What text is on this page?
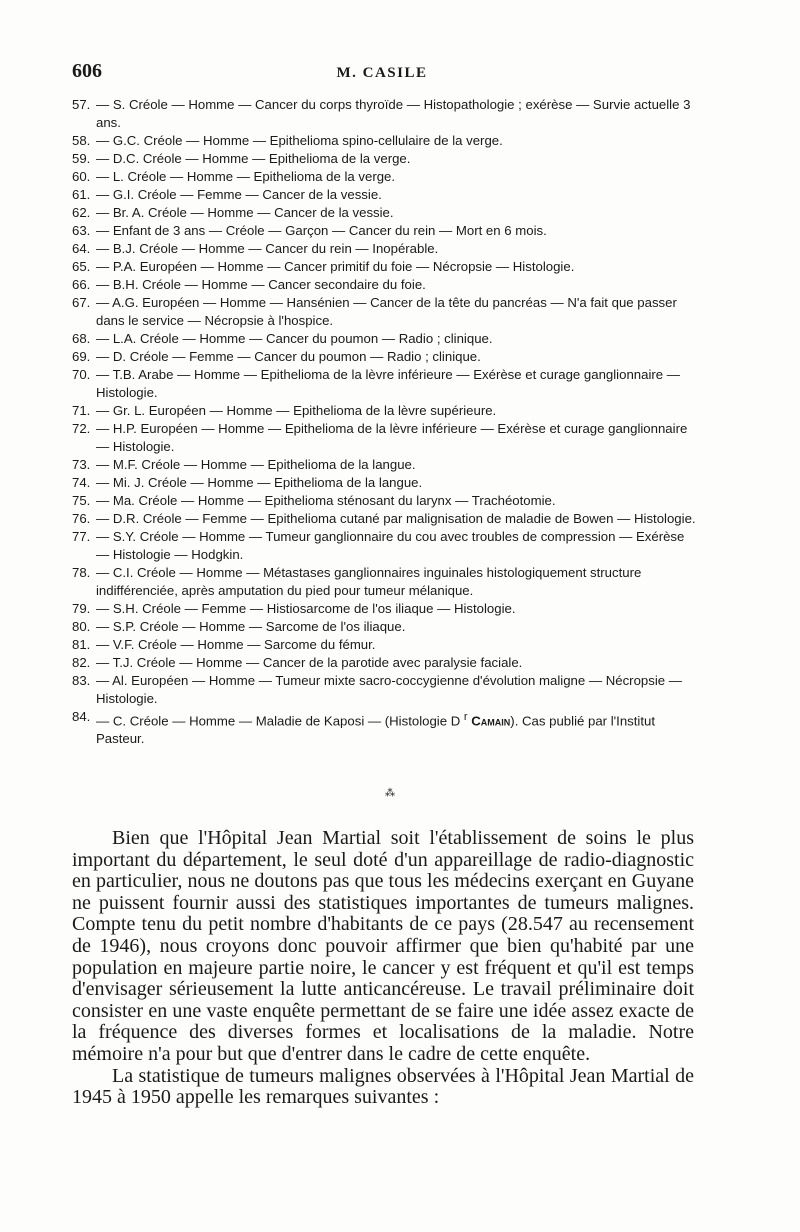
606	M. CASILE

57. — S. Créole — Homme — Cancer du corps thyroïde — Histopathologie ; exérèse — Survie actuelle 3 ans.

58. — G.C. Créole — Homme — Epithelioma spino-cellulaire de la verge.

59. — D.C. Créole — Homme — Epithelioma de la verge.

60. — L. Créole — Homme — Epithelioma de la verge.

61. — G.I. Créole — Femme — Cancer de la vessie.

62. — Br. A. Créole — Homme — Cancer de la vessie.

63. — Enfant de 3 ans — Créole — Garçon — Cancer du rein — Mort en 6 mois.

64. — B.J. Créole — Homme — Cancer du rein — Inopérable.

65. — P.A. Européen — Homme — Cancer primitif du foie — Nécropsie — Histologie.

66. — B.H. Créole — Homme — Cancer secondaire du foie.

67. — A.G. Européen — Homme — Hansénien — Cancer de la tête du pancréas — N'a fait que passer dans le service — Nécropsie à l'hospice.

68. — L.A. Créole — Homme — Cancer du poumon — Radio ; clinique.

69. — D. Créole — Femme — Cancer du poumon — Radio ; clinique.

70. — T.B. Arabe — Homme — Epithelioma de la lèvre inférieure — Exérèse et curage ganglionnaire — Histologie.

71. — Gr. L. Européen — Homme — Epithelioma de la lèvre supérieure.

72. — H.P. Européen — Homme — Epithelioma de la lèvre inférieure — Exérèse et curage ganglionnaire — Histologie.

73. — M.F. Créole — Homme — Epithelioma de la langue.

74. — Mi. J. Créole — Homme — Epithelioma de la langue.

75. — Ma. Créole — Homme — Epithelioma sténosant du larynx — Trachéotomie.

76. — D.R. Créole — Femme — Epithelioma cutané par malignisation de maladie de Bowen — Histologie.

77. — S.Y. Créole — Homme — Tumeur ganglionnaire du cou avec troubles de compression — Exérèse — Histologie — Hodgkin.

78. — C.I. Créole — Homme — Métastases ganglionnaires inguinales histologiquement structure indifférenciée, après amputation du pied pour tumeur mélanique.

79. — S.H. Créole — Femme — Histiosarcome de l'os iliaque — Histologie.

80. — S.P. Créole — Homme — Sarcome de l'os iliaque.

81. — V.F. Créole — Homme — Sarcome du fémur.

82. — T.J. Créole — Homme — Cancer de la parotide avec paralysie faciale.

83. — Al. Européen — Homme — Tumeur mixte sacro-coccygienne d'évolution maligne — Nécropsie — Histologie.

84. — C. Créole — Homme — Maladie de Kaposi — (Histologie D $^r$ Camain). Cas publié par l'Institut Pasteur.

⁂

Bien que l'Hôpital Jean Martial soit l'établissement de soins le plus important du département, le seul doté d'un appareillage de radio-diagnostic en particulier, nous ne doutons pas que tous les médecins exerçant en Guyane ne puissent fournir aussi des statistiques importantes de tumeurs malignes. Compte tenu du petit nombre d'habitants de ce pays (28.547 au recensement de 1946), nous croyons donc pouvoir affirmer que bien qu'habité par une population en majeure partie noire, le cancer y est fréquent et qu'il est temps d'envisager sérieusement la lutte anticancéreuse. Le travail préliminaire doit consister en une vaste enquête permettant de se faire une idée assez exacte de la fréquence des diverses formes et localisations de la maladie. Notre mémoire n'a pour but que d'entrer dans le cadre de cette enquête.

La statistique de tumeurs malignes observées à l'Hôpital Jean Martial de 1945 à 1950 appelle les remarques suivantes :
